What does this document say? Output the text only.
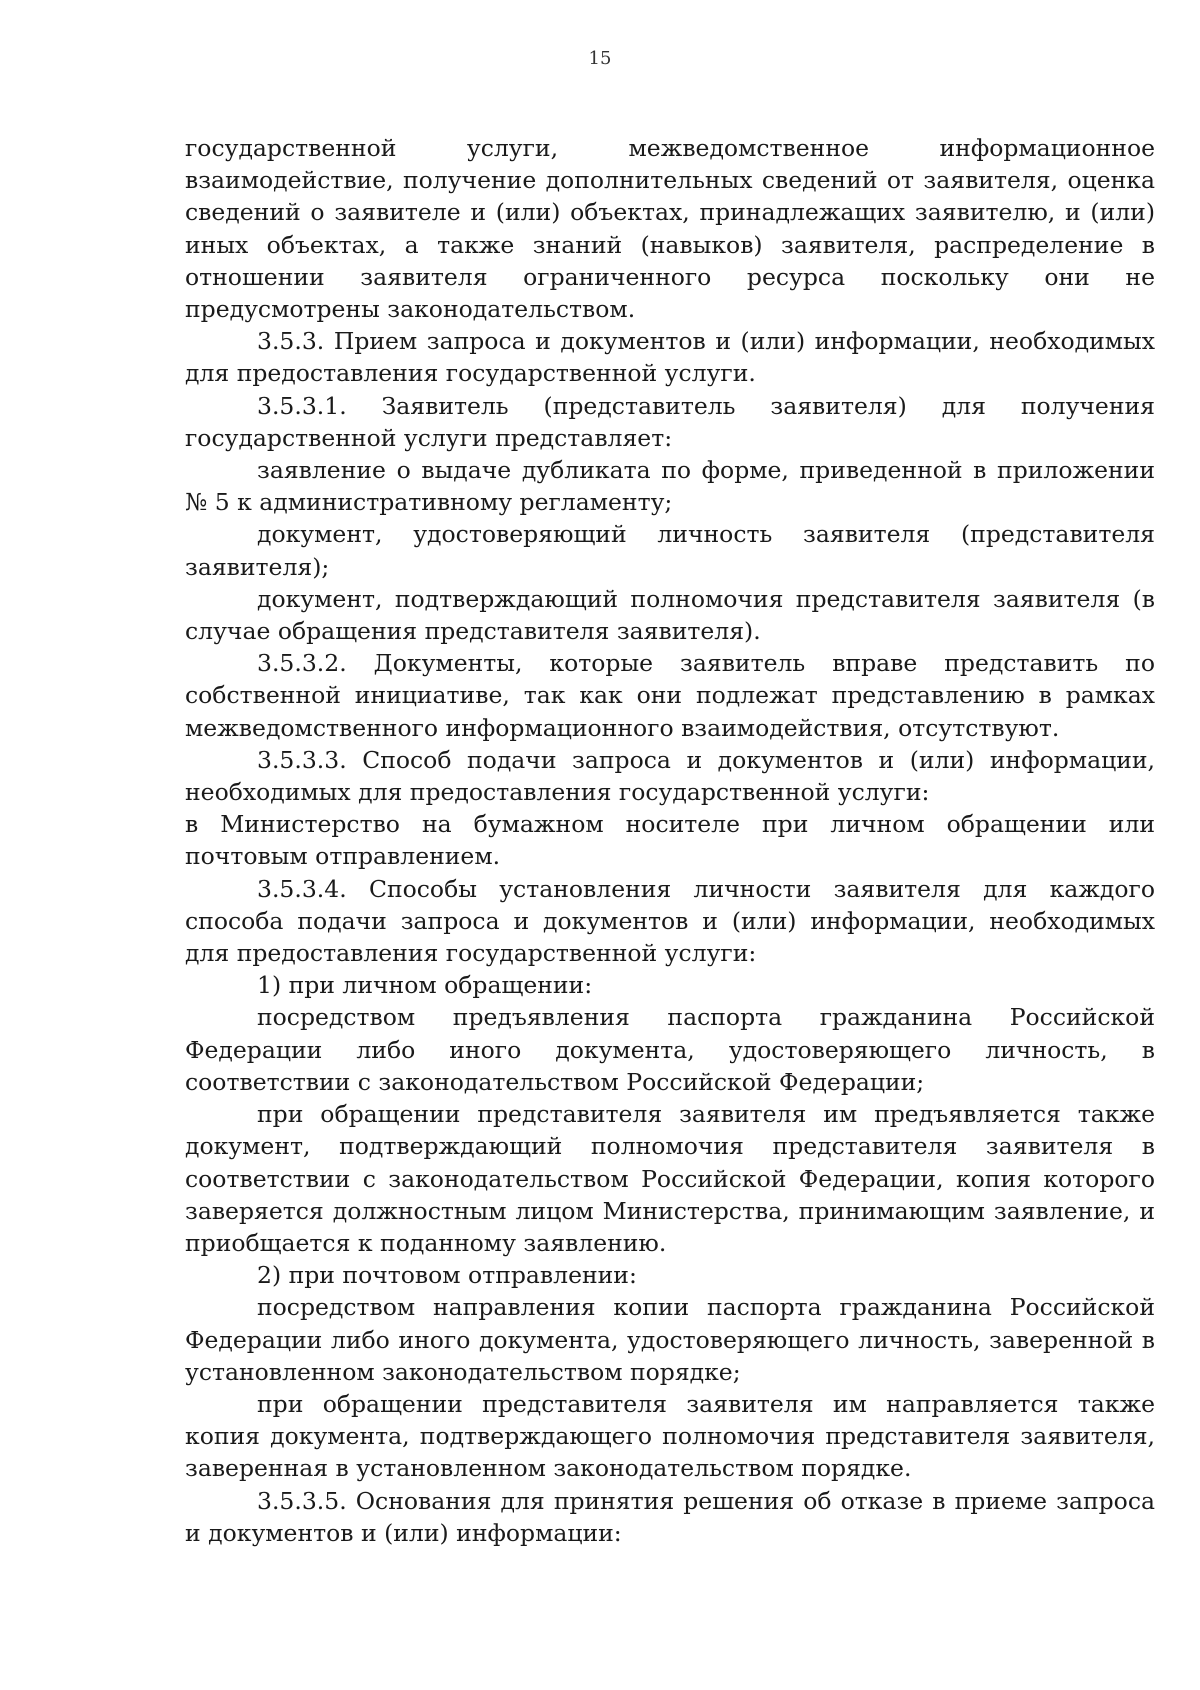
15

государственной услуги, межведомственное информационное взаимодействие, получение дополнительных сведений от заявителя, оценка сведений о заявителе и (или) объектах, принадлежащих заявителю, и (или) иных объектах, а также знаний (навыков) заявителя, распределение в отношении заявителя ограниченного ресурса поскольку они не предусмотрены законодательством.

3.5.3. Прием запроса и документов и (или) информации, необходимых для предоставления государственной услуги.

3.5.3.1. Заявитель (представитель заявителя) для получения государственной услуги представляет:

заявление о выдаче дубликата по форме, приведенной в приложении № 5 к административному регламенту;

документ, удостоверяющий личность заявителя (представителя заявителя);

документ, подтверждающий полномочия представителя заявителя (в случае обращения представителя заявителя).

3.5.3.2. Документы, которые заявитель вправе представить по собственной инициативе, так как они подлежат представлению в рамках межведомственного информационного взаимодействия, отсутствуют.

3.5.3.3. Способ подачи запроса и документов и (или) информации, необходимых для предоставления государственной услуги:

в Министерство на бумажном носителе при личном обращении или почтовым отправлением.

3.5.3.4. Способы установления личности заявителя для каждого способа подачи запроса и документов и (или) информации, необходимых для предоставления государственной услуги:

1) при личном обращении:

посредством предъявления паспорта гражданина Российской Федерации либо иного документа, удостоверяющего личность, в соответствии с законодательством Российской Федерации;

при обращении представителя заявителя им предъявляется также документ, подтверждающий полномочия представителя заявителя в соответствии с законодательством Российской Федерации, копия которого заверяется должностным лицом Министерства, принимающим заявление, и приобщается к поданному заявлению.

2) при почтовом отправлении:

посредством направления копии паспорта гражданина Российской Федерации либо иного документа, удостоверяющего личность, заверенной в установленном законодательством порядке;

при обращении представителя заявителя им направляется также копия документа, подтверждающего полномочия представителя заявителя, заверенная в установленном законодательством порядке.

3.5.3.5. Основания для принятия решения об отказе в приеме запроса и документов и (или) информации:
